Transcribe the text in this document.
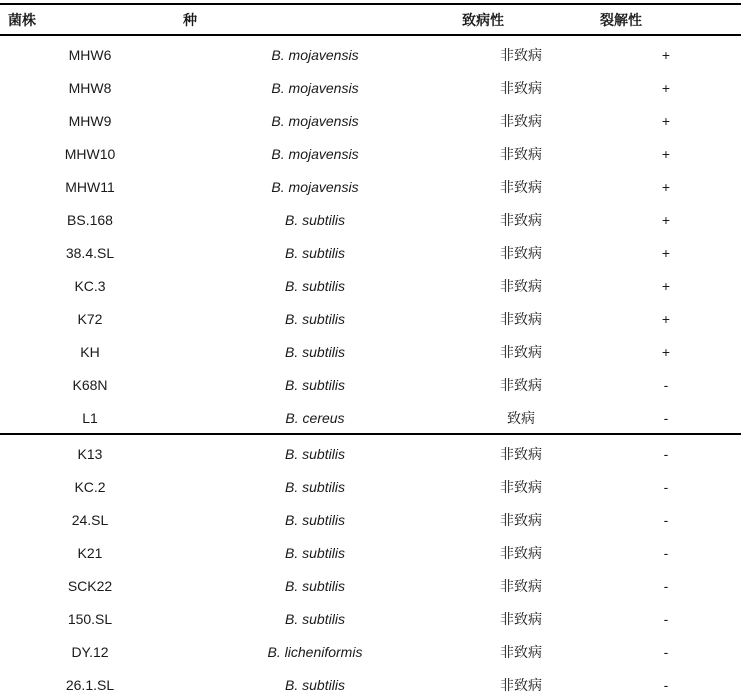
菌株	种	致病性	裂解性
MHW6	B. mojavensis	非致病	+
MHW8	B. mojavensis	非致病	+
MHW9	B. mojavensis	非致病	+
MHW10	B. mojavensis	非致病	+
MHW11	B. mojavensis	非致病	+
BS.168	B. subtilis	非致病	+
38.4.SL	B. subtilis	非致病	+
KC.3	B. subtilis	非致病	+
K72	B. subtilis	非致病	+
KH	B. subtilis	非致病	+
K68N	B. subtilis	非致病	-
L1	B. cereus	致病	-
K13	B. subtilis	非致病	-
KC.2	B. subtilis	非致病	-
24.SL	B. subtilis	非致病	-
K21	B. subtilis	非致病	-
SCK22	B. subtilis	非致病	-
150.SL	B. subtilis	非致病	-
DY.12	B. licheniformis	非致病	-
26.1.SL	B. subtilis	非致病	-
